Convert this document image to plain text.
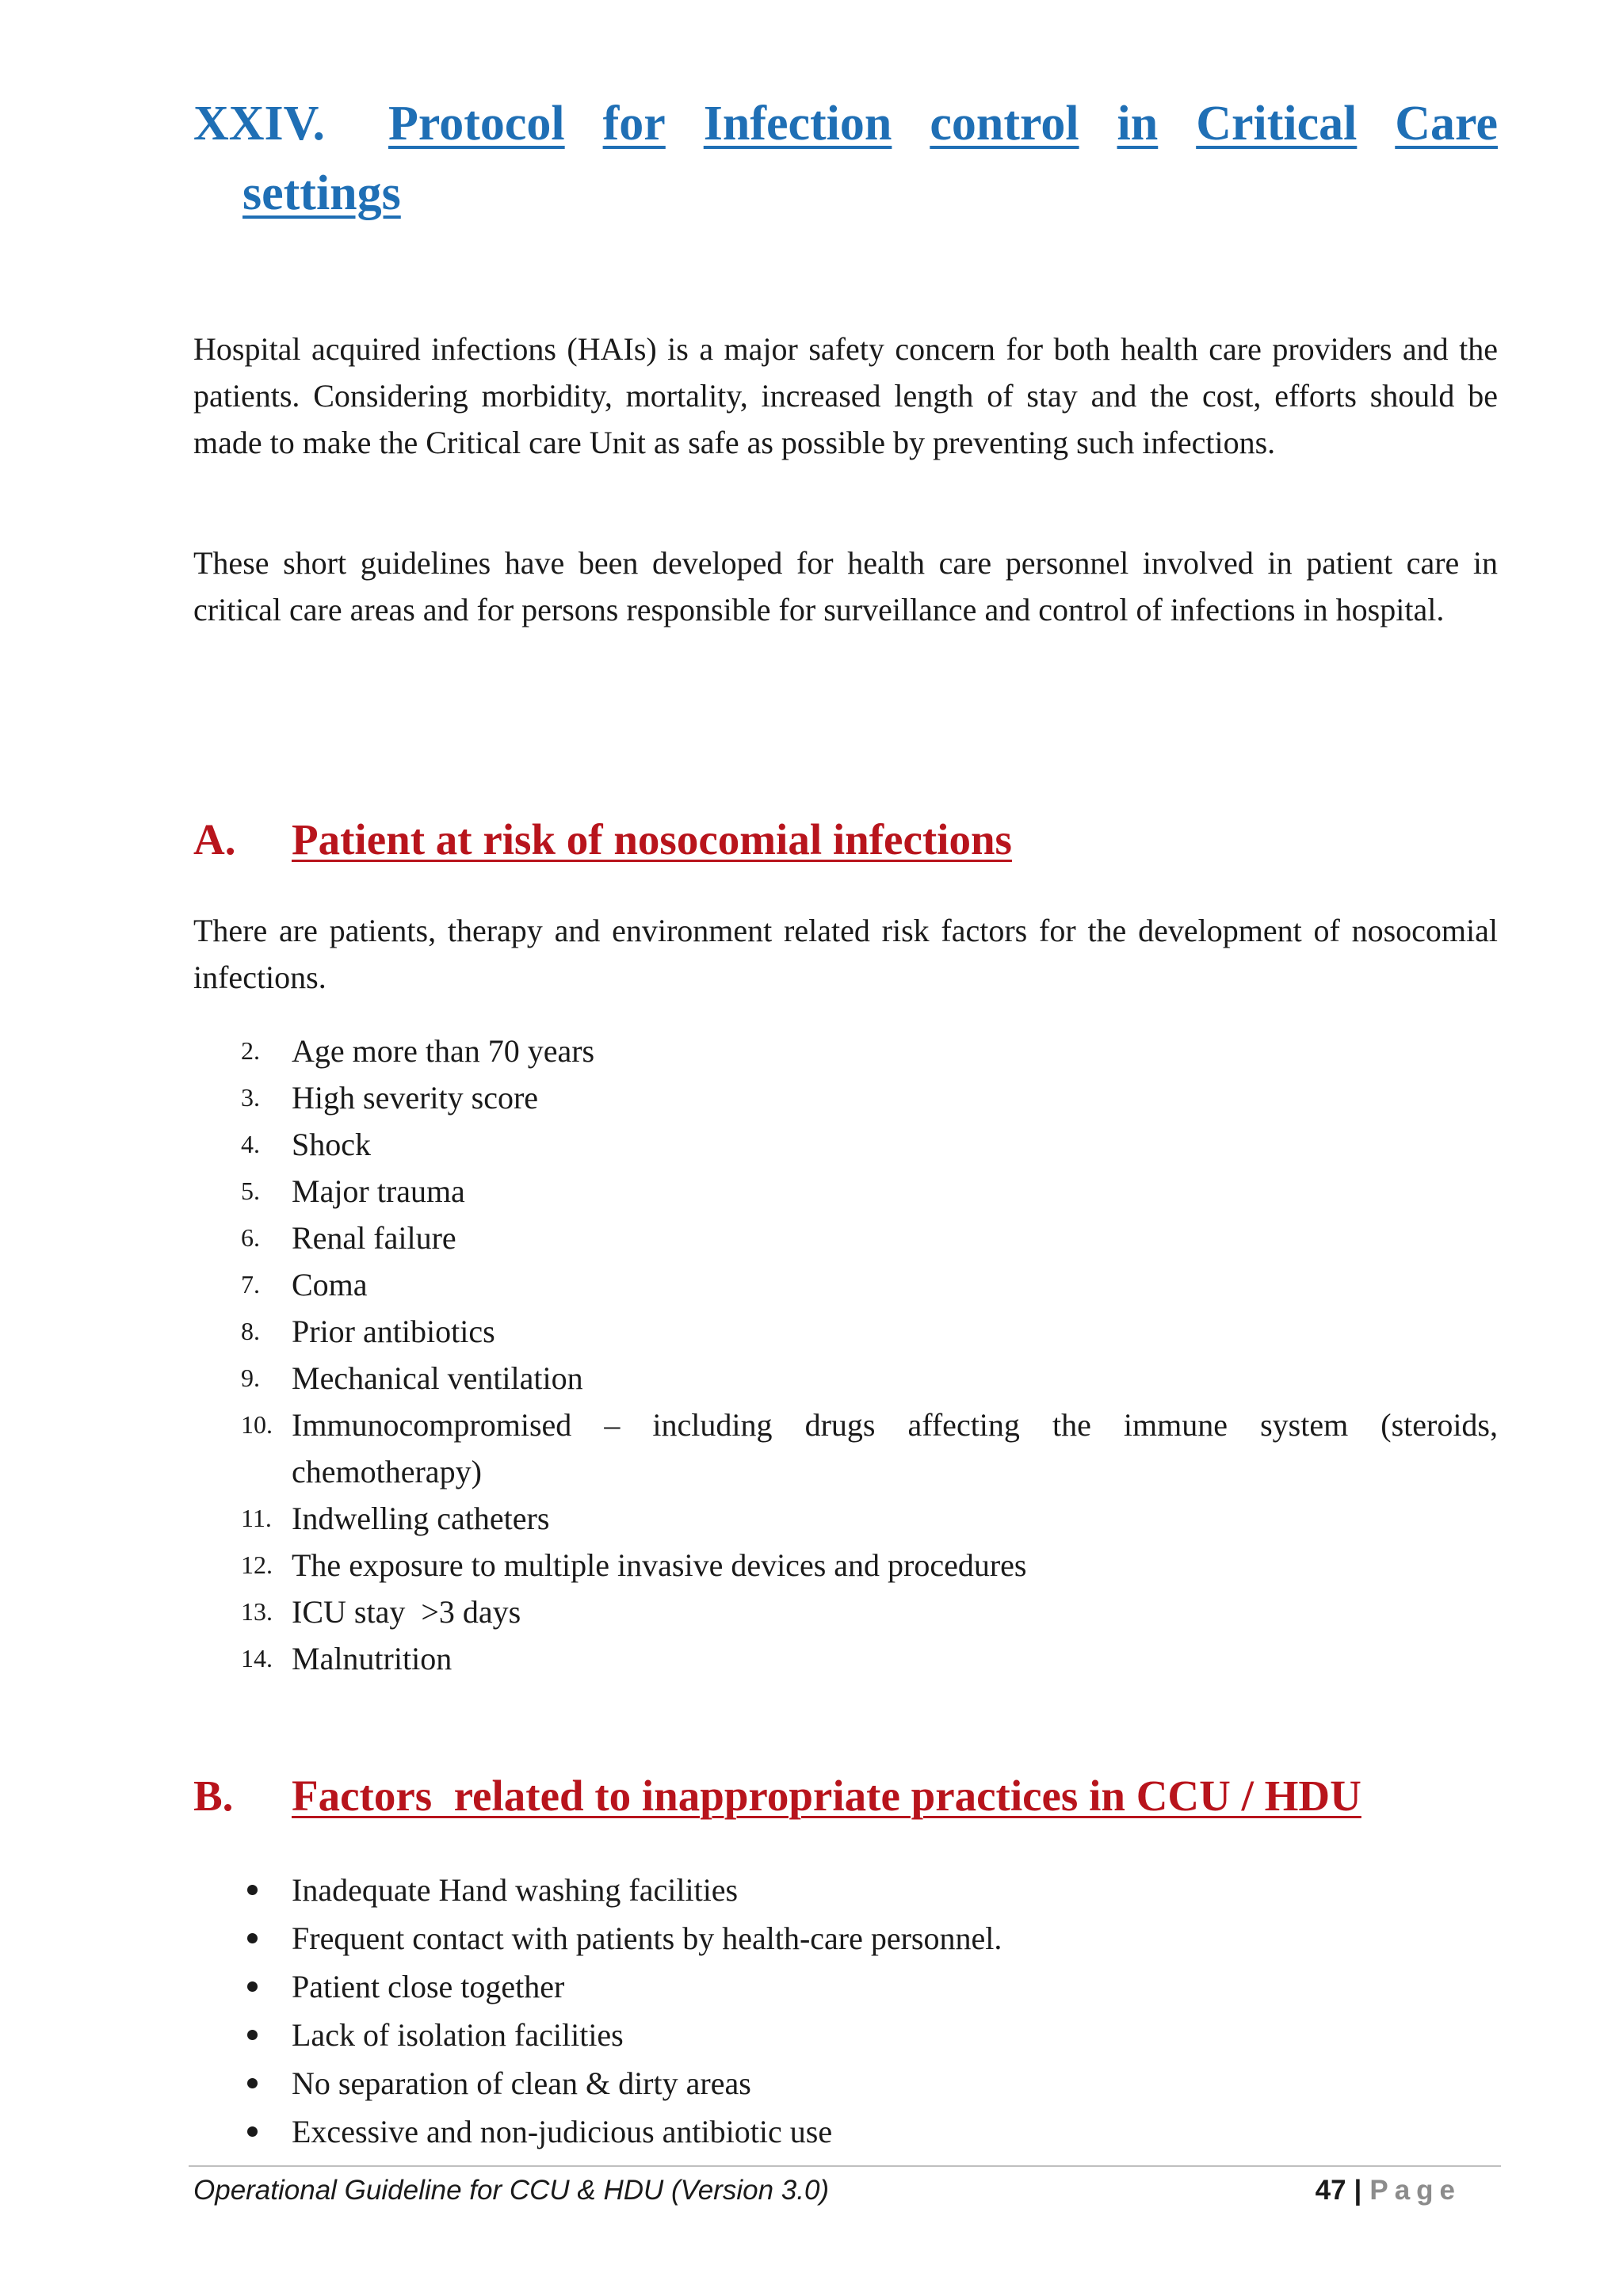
XXIV.	Protocol for Infection control in Critical Care
settings

Hospital acquired infections (HAIs) is a major safety concern for both health care providers and the patients. Considering morbidity, mortality, increased length of stay and the cost, efforts should be made to make the Critical care Unit as safe as possible by preventing such infections.

These short guidelines have been developed for health care personnel involved in patient care in critical care areas and for persons responsible for surveillance and control of infections in hospital.

A. Patient at risk of nosocomial infections

There are patients, therapy and environment related risk factors for the development of nosocomial infections.

2.	Age more than 70 years
3.	High severity score
4.	Shock
5.	Major trauma
6.	Renal failure
7.	Coma
8.	Prior antibiotics
9.	Mechanical ventilation
10. Immunocompromised – including drugs affecting the immune system (steroids, chemotherapy)
11. Indwelling catheters
12. The exposure to multiple invasive devices and procedures
13. ICU stay  >3 days
14. Malnutrition
B. Factors  related to inappropriate practices in CCU / HDU
Inadequate Hand washing facilities
Frequent contact with patients by health-care personnel.
Patient close together
Lack of isolation facilities
No separation of clean & dirty areas
Excessive and non-judicious antibiotic use
Operational Guideline for CCU & HDU (Version 3.0)	47 | Page
